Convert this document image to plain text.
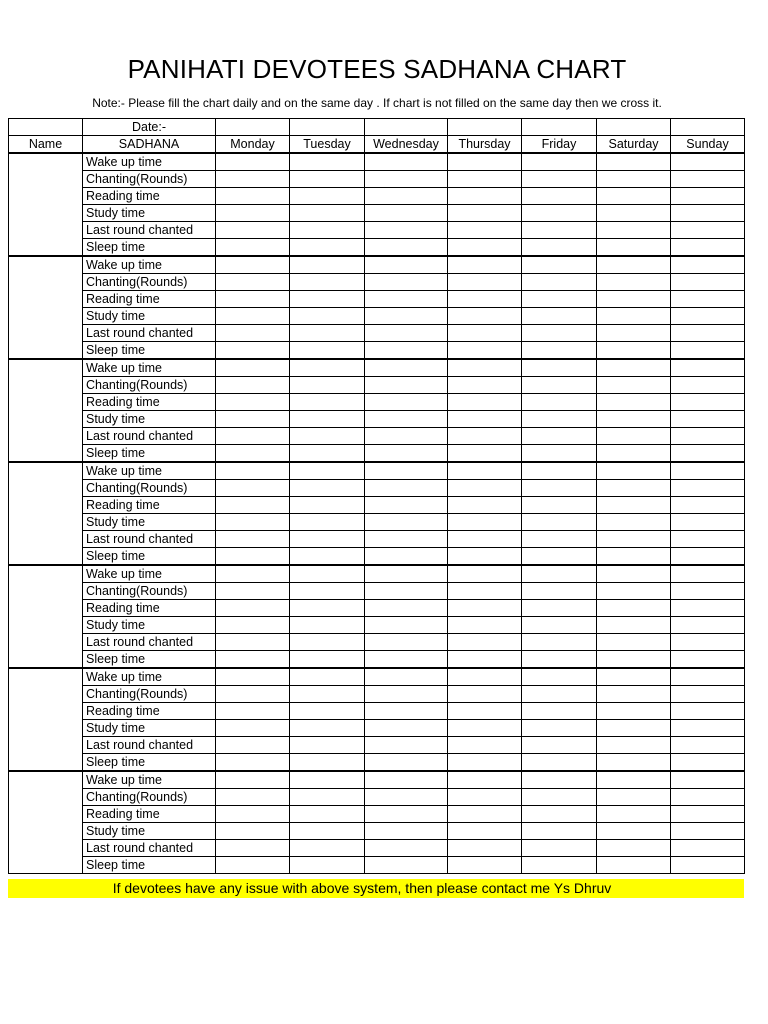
PANIHATI DEVOTEES SADHANA CHART
Note:- Please fill the chart daily and on the same day . If chart is not filled on the same day then we cross it.
	Date:-							
Name	SADHANA	Monday	Tuesday	Wednesday	Thursday	Friday	Saturday	Sunday
	Wake up time							
	Chanting(Rounds)							
	Reading time							
	Study time							
	Last round chanted							
	Sleep time							
	Wake up time							
	Chanting(Rounds)							
	Reading time							
	Study time							
	Last round chanted							
	Sleep time							
	Wake up time							
	Chanting(Rounds)							
	Reading time							
	Study time							
	Last round chanted							
	Sleep time							
	Wake up time							
	Chanting(Rounds)							
	Reading time							
	Study time							
	Last round chanted							
	Sleep time							
	Wake up time							
	Chanting(Rounds)							
	Reading time							
	Study time							
	Last round chanted							
	Sleep time							
	Wake up time							
	Chanting(Rounds)							
	Reading time							
	Study time							
	Last round chanted							
	Sleep time							
	Wake up time							
	Chanting(Rounds)							
	Reading time							
	Study time							
	Last round chanted							
	Sleep time							
If devotees have any issue with above system, then please contact me Ys Dhruv
